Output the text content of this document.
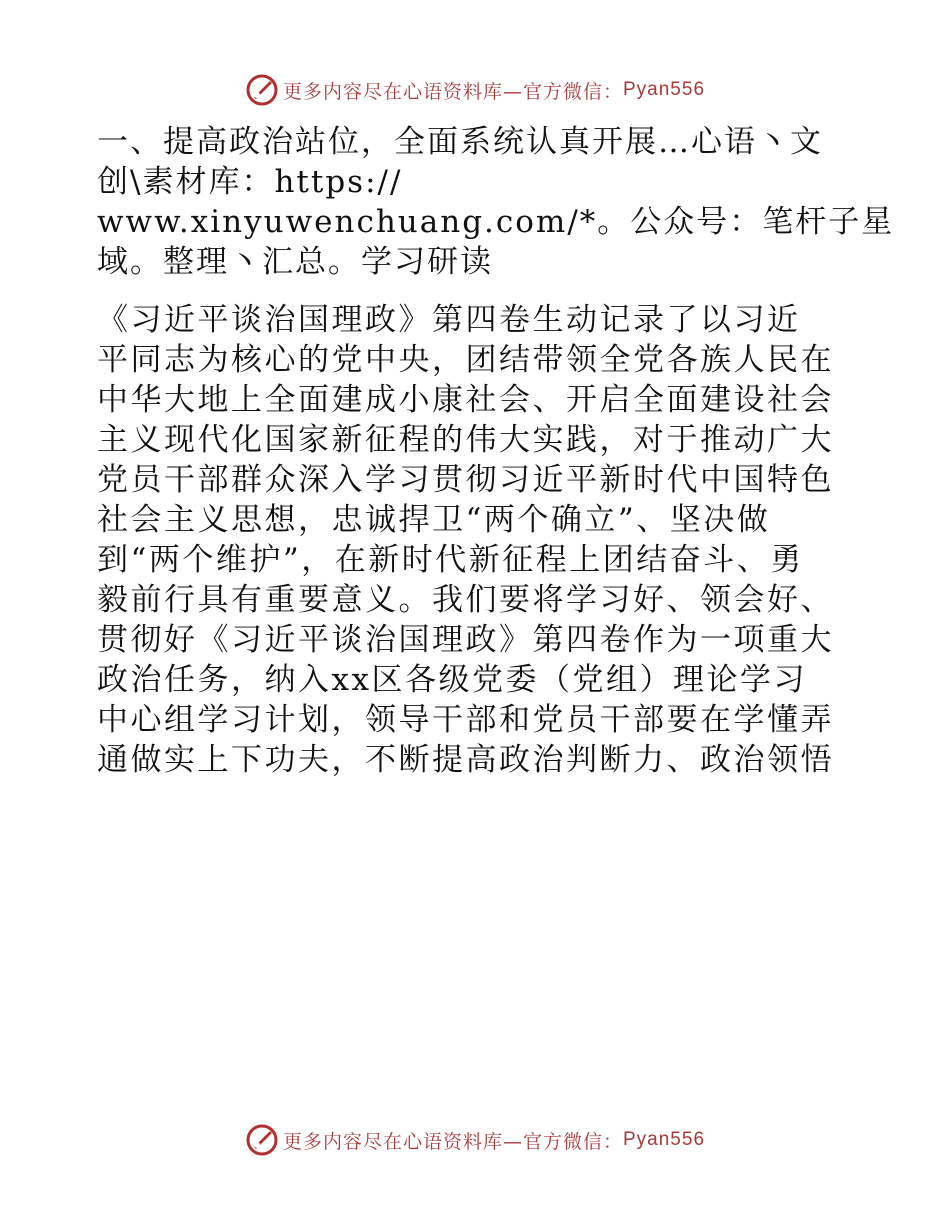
更多内容尽在心语资料库—官方微信： Pyan556
一、提高政治站位，全面系统认真开展…心语丶文
创\素材库：https://
www.xinyuwenchuang.com/*。公众号：笔杆子星
域。整理丶汇总。学习研读
《习近平谈治国理政》第四卷生动记录了以习近
平同志为核心的党中央，团结带领全党各族人民在
中华大地上全面建成小康社会、开启全面建设社会
主义现代化国家新征程的伟大实践，对于推动广大
党员干部群众深入学习贯彻习近平新时代中国特色
社会主义思想，忠诚捍卫“两个确立”、坚决做
到“两个维护”，在新时代新征程上团结奋斗、勇
毅前行具有重要意义。我们要将学习好、领会好、
贯彻好《习近平谈治国理政》第四卷作为一项重大
政治任务，纳入xx区各级党委（党组）理论学习
中心组学习计划，领导干部和党员干部要在学懂弄
通做实上下功夫，不断提高政治判断力、政治领悟
更多内容尽在心语资料库—官方微信： Pyan556
